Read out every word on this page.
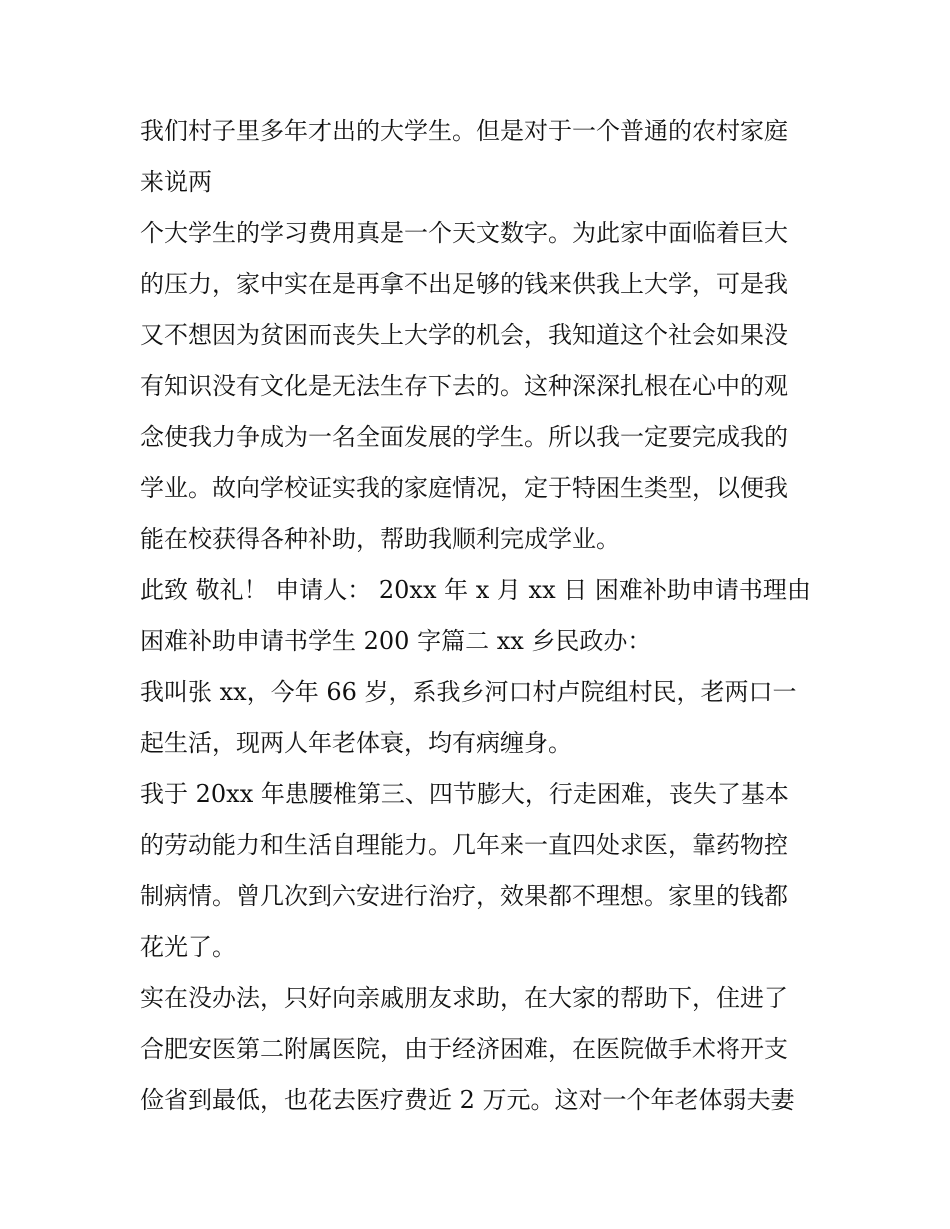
我们村子里多年才出的大学生。但是对于一个普通的农村家庭
来说两
个大学生的学习费用真是一个天文数字。为此家中面临着巨大
的压力，家中实在是再拿不出足够的钱来供我上大学，可是我
又不想因为贫困而丧失上大学的机会，我知道这个社会如果没
有知识没有文化是无法生存下去的。这种深深扎根在心中的观
念使我力争成为一名全面发展的学生。所以我一定要完成我的
学业。故向学校证实我的家庭情况，定于特困生类型，以便我
能在校获得各种补助，帮助我顺利完成学业。
此致 敬礼！ 申请人： 20xx 年 x 月 xx 日 困难补助申请书理由
困难补助申请书学生 200 字篇二 xx 乡民政办：
我叫张 xx，今年 66 岁，系我乡河口村卢院组村民，老两口一
起生活，现两人年老体衰，均有病缠身。
我于 20xx 年患腰椎第三、四节膨大，行走困难，丧失了基本
的劳动能力和生活自理能力。几年来一直四处求医，靠药物控
制病情。曾几次到六安进行治疗，效果都不理想。家里的钱都
花光了。
实在没办法，只好向亲戚朋友求助，在大家的帮助下，住进了
合肥安医第二附属医院，由于经济困难，在医院做手术将开支
俭省到最低，也花去医疗费近 2 万元。这对一个年老体弱夫妻
